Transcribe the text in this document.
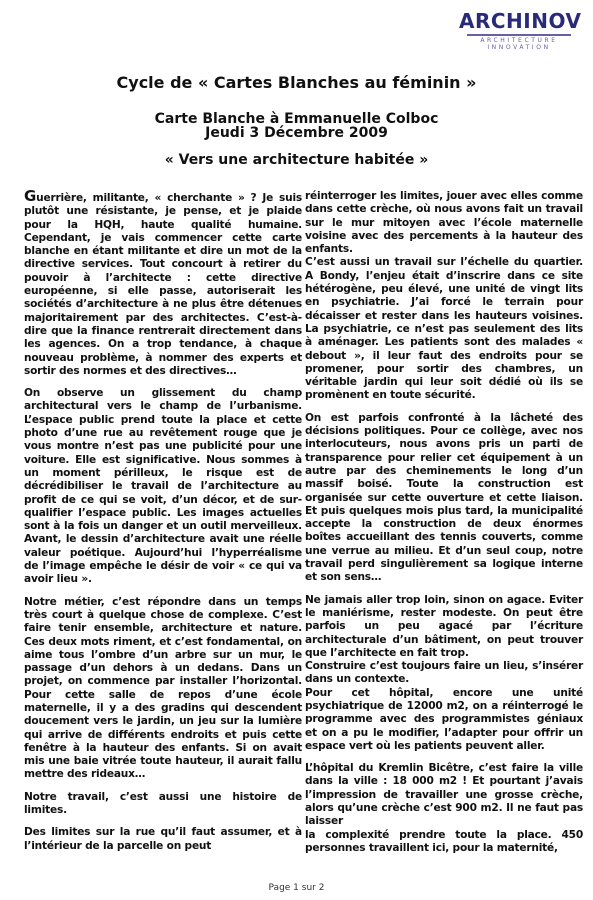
ARCHINOV
ARCHITECTURE
INNOVATION
Cycle de « Cartes Blanches au féminin »
Carte Blanche à Emmanuelle Colboc
Jeudi 3 Décembre 2009
« Vers une architecture habitée »

Guerrière, militante, « cherchante » ? Je suis plutôt une résistante, je pense, et je plaide pour la HQH, haute qualité humaine. Cependant, je vais commencer cette carte blanche en étant militante et dire un mot de la directive services. Tout concourt à retirer du pouvoir à l’architecte : cette directive européenne, si elle passe, autoriserait les sociétés d’architecture à ne plus être détenues majoritairement par des architectes. C’est-à-dire que la finance rentrerait directement dans les agences. On a trop tendance, à chaque nouveau problème, à nommer des experts et sortir des normes et des directives…

On observe un glissement du champ architectural vers le champ de l’urbanisme. L’espace public prend toute la place et cette photo d’une rue au revêtement rouge que je vous montre n’est pas une publicité pour une voiture. Elle est significative. Nous sommes à un moment périlleux, le risque est de décrédibiliser le travail de l’architecture au profit de ce qui se voit, d’un décor, et de sur-qualifier l’espace public. Les images actuelles sont à la fois un danger et un outil merveilleux. Avant, le dessin d’architecture avait une réelle valeur poétique. Aujourd’hui l’hyperréalisme de l’image empêche le désir de voir « ce qui va avoir lieu ».

Notre métier, c’est répondre dans un temps très court à quelque chose de complexe. C’est faire tenir ensemble, architecture et nature. Ces deux mots riment, et c’est fondamental, on aime tous l’ombre d’un arbre sur un mur, le passage d’un dehors à un dedans. Dans un projet, on commence par installer l’horizontal. Pour cette salle de repos d’une école maternelle, il y a des gradins qui descendent doucement vers le jardin, un jeu sur la lumière qui arrive de différents endroits et puis cette fenêtre à la hauteur des enfants. Si on avait mis une baie vitrée toute hauteur, il aurait fallu mettre des rideaux…

Notre travail, c’est aussi une histoire de limites.

Des limites sur la rue qu’il faut assumer, et à l’intérieur de la parcelle on peut

réinterroger les limites, jouer avec elles comme dans cette crèche, où nous avons fait un travail sur le mur mitoyen avec l’école maternelle voisine avec des percements à la hauteur des enfants.

C’est aussi un travail sur l’échelle du quartier. A Bondy, l’enjeu était d’inscrire dans ce site hétérogène, peu élevé, une unité de vingt lits en psychiatrie. J’ai forcé le terrain pour décaisser et rester dans les hauteurs voisines. La psychiatrie, ce n’est pas seulement des lits à aménager. Les patients sont des malades « debout », il leur faut des endroits pour se promener, pour sortir des chambres, un véritable jardin qui leur soit dédié où ils se promènent en toute sécurité.

On est parfois confronté à la lâcheté des décisions politiques. Pour ce collège, avec nos interlocuteurs, nous avons pris un parti de transparence pour relier cet équipement à un autre par des cheminements le long d’un massif boisé. Toute la construction est organisée sur cette ouverture et cette liaison. Et puis quelques mois plus tard, la municipalité accepte la construction de deux énormes boîtes accueillant des tennis couverts, comme une verrue au milieu. Et d’un seul coup, notre travail perd singulièrement sa logique interne et son sens…

Ne jamais aller trop loin, sinon on agace. Eviter le maniérisme, rester modeste. On peut être parfois un peu agacé par l’écriture architecturale d’un bâtiment, on peut trouver que l’architecte en fait trop.

Construire c’est toujours faire un lieu, s’insérer dans un contexte.

Pour cet hôpital, encore une unité psychiatrique de 12000 m2, on a réinterrogé le programme avec des programmistes géniaux et on a pu le modifier, l’adapter pour offrir un espace vert où les patients peuvent aller.

L’hôpital du Kremlin Bicêtre, c’est faire la ville dans la ville : 18 000 m2 ! Et pourtant j’avais l’impression de travailler une grosse crèche, alors qu’une crèche c’est 900 m2. Il ne faut pas laisser

la complexité prendre toute la place. 450 personnes travaillent ici, pour la maternité,

Page 1 sur 2
